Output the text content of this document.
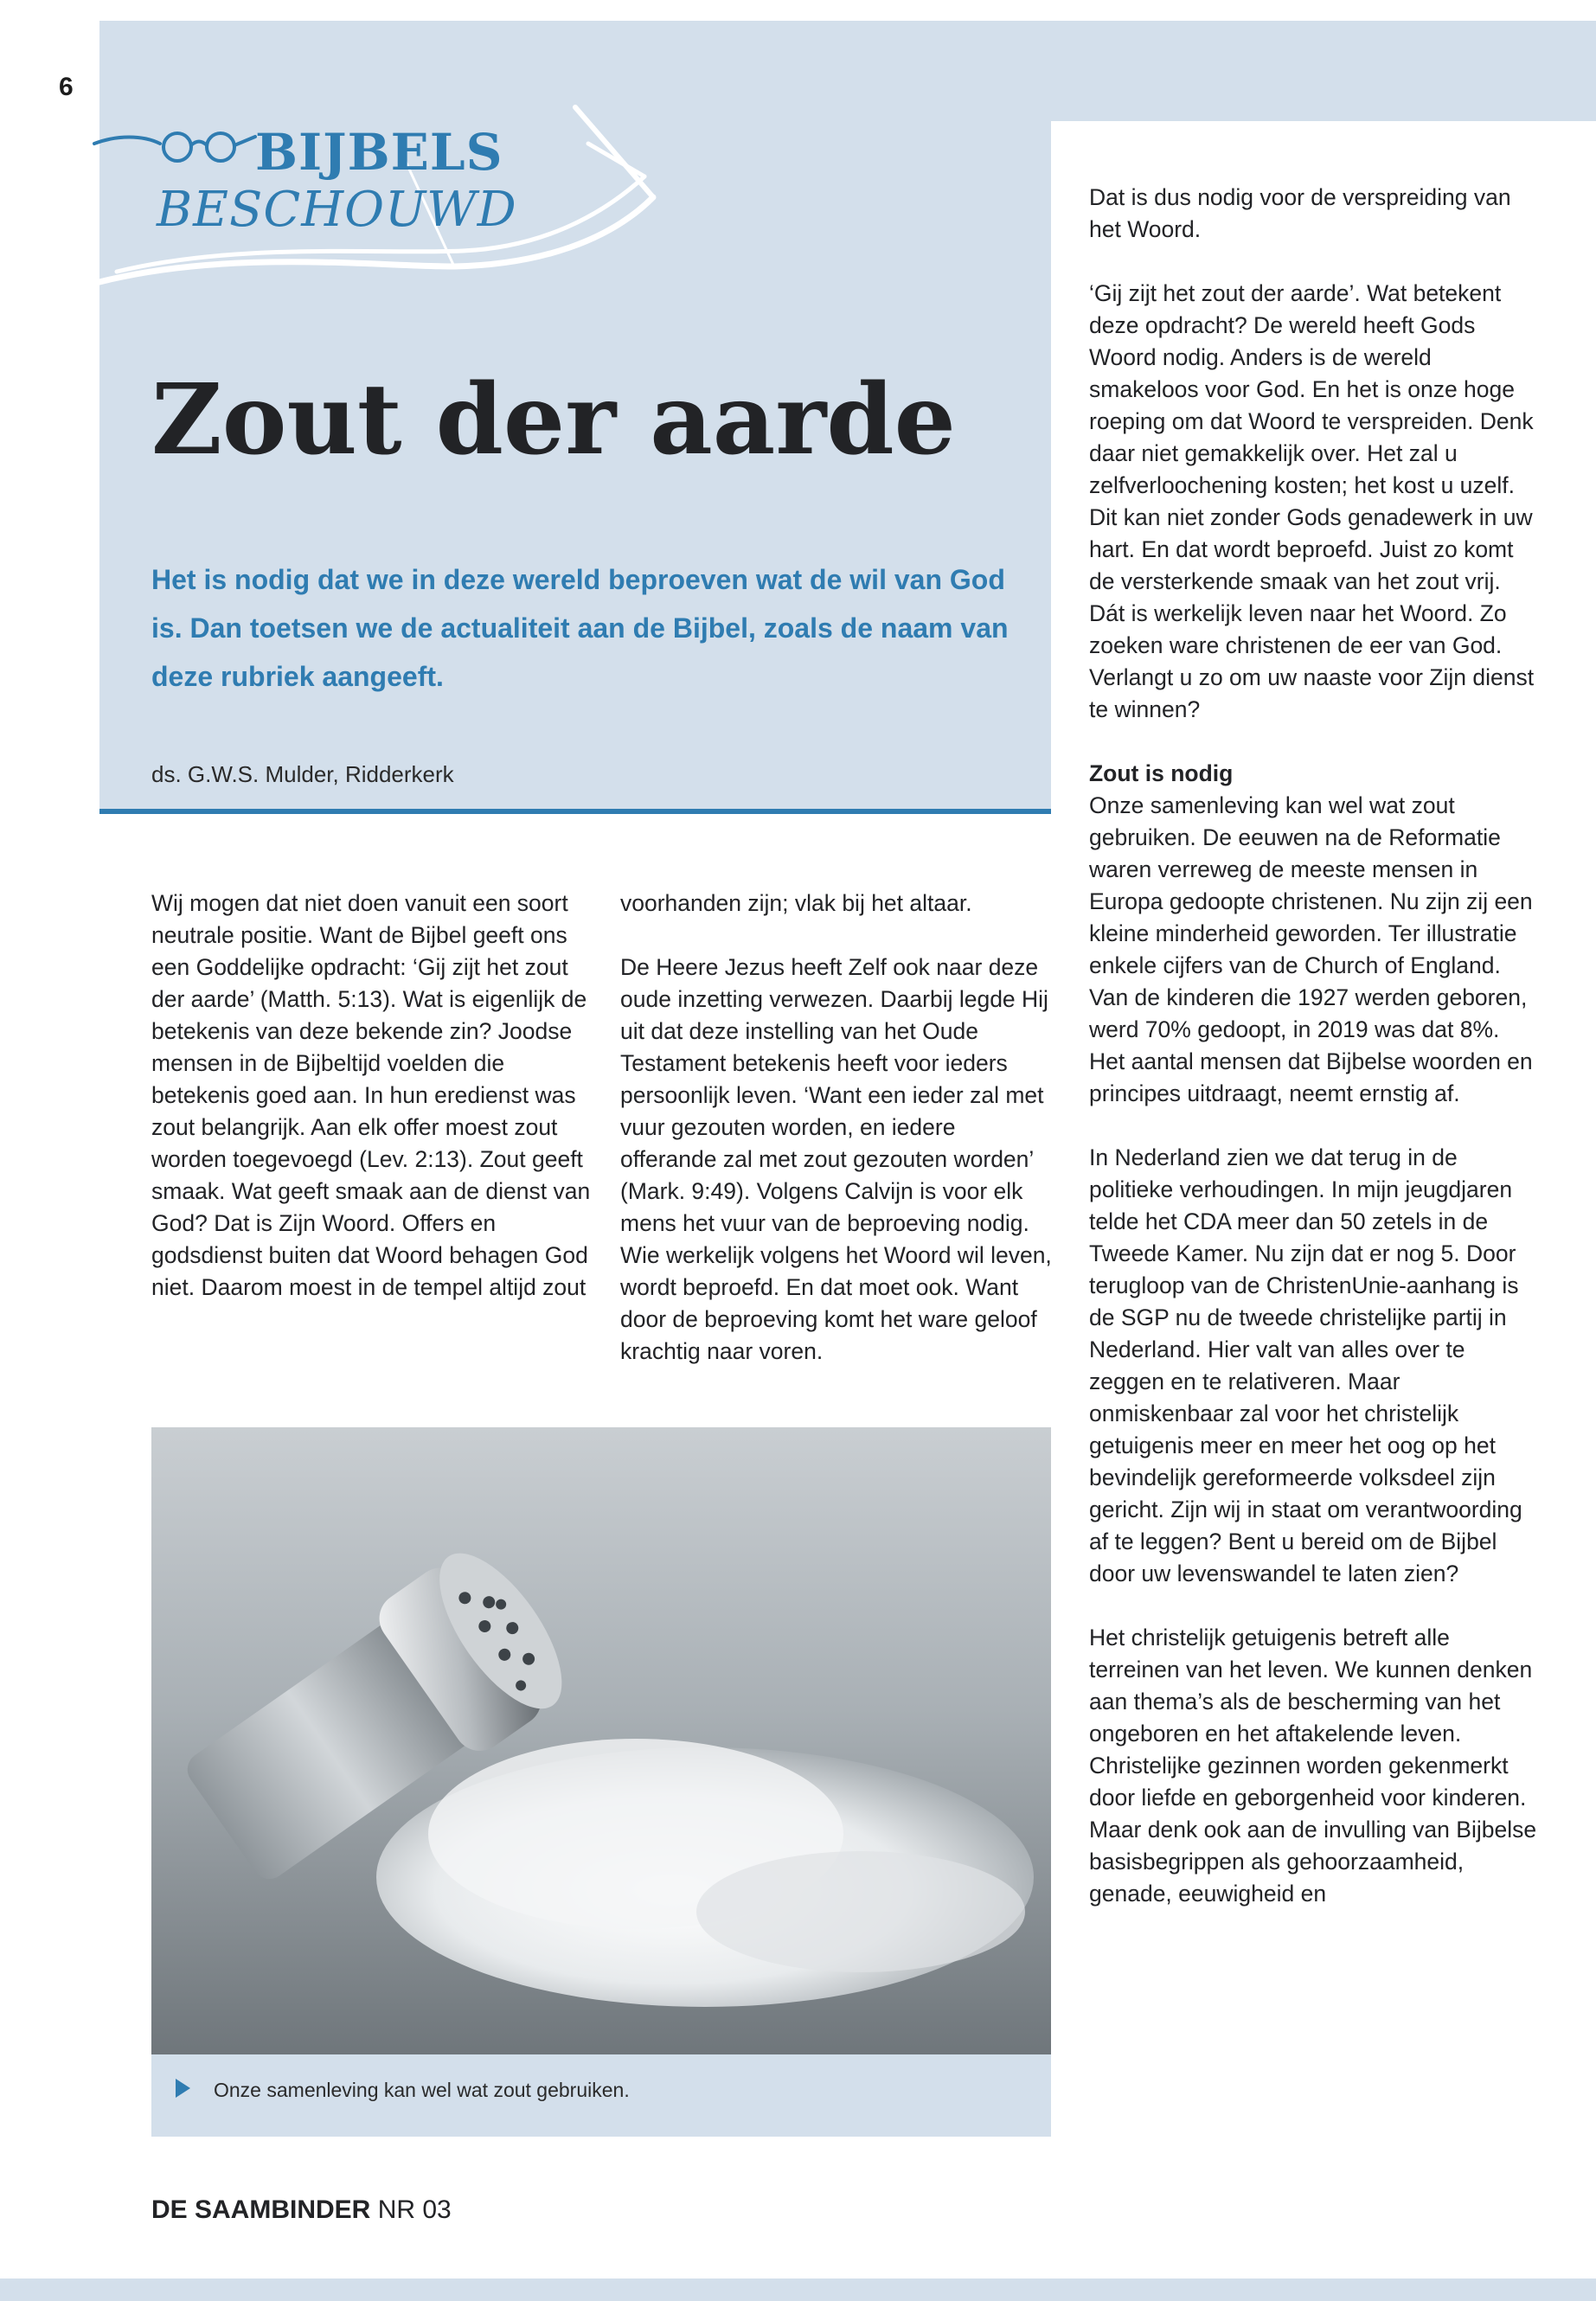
6
BIJBELS
BESCHOUWD
Zout der aarde

Het is nodig dat we in deze wereld beproeven wat de wil van God is. Dan toetsen we de actualiteit aan de Bijbel, zoals de naam van deze rubriek aangeeft.

ds. G.W.S. Mulder, Ridderkerk

Wij mogen dat niet doen vanuit een soort neutrale positie. Want de Bijbel geeft ons een Goddelijke opdracht: ‘Gij zijt het zout der aarde’ (Matth. 5:13). Wat is eigenlijk de betekenis van deze bekende zin? Joodse mensen in de Bijbeltijd voelden die betekenis goed aan. In hun eredienst was zout belangrijk. Aan elk offer moest zout worden toegevoegd (Lev. 2:13). Zout geeft smaak. Wat geeft smaak aan de dienst van God? Dat is Zijn Woord. Offers en godsdienst buiten dat Woord behagen God niet. Daarom moest in de tempel altijd zout

voorhanden zijn; vlak bij het altaar.

De Heere Jezus heeft Zelf ook naar deze oude inzetting verwezen. Daarbij legde Hij uit dat deze instelling van het Oude Testament betekenis heeft voor ieders persoonlijk leven. ‘Want een ieder zal met vuur gezouten worden, en iedere offerande zal met zout gezouten worden’ (Mark. 9:49). Volgens Calvijn is voor elk mens het vuur van de beproeving nodig. Wie werkelijk volgens het Woord wil leven, wordt beproefd. En dat moet ook. Want door de beproeving komt het ware geloof krachtig naar voren.

Dat is dus nodig voor de verspreiding van het Woord.

‘Gij zijt het zout der aarde’. Wat betekent deze opdracht? De wereld heeft Gods Woord nodig. Anders is de wereld smakeloos voor God. En het is onze hoge roeping om dat Woord te verspreiden. Denk daar niet gemakkelijk over. Het zal u zelfverloochening kosten; het kost u uzelf. Dit kan niet zonder Gods genadewerk in uw hart. En dat wordt beproefd. Juist zo komt de versterkende smaak van het zout vrij. Dát is werkelijk leven naar het Woord. Zo zoeken ware christenen de eer van God. Verlangt u zo om uw naaste voor Zijn dienst te winnen?

Zout is nodig

Onze samenleving kan wel wat zout gebruiken. De eeuwen na de Reformatie waren verreweg de meeste mensen in Europa gedoopte christenen. Nu zijn zij een kleine minderheid geworden. Ter illustratie enkele cijfers van de Church of England. Van de kinderen die 1927 werden geboren, werd 70% gedoopt, in 2019 was dat 8%. Het aantal mensen dat Bijbelse woorden en principes uitdraagt, neemt ernstig af.

In Nederland zien we dat terug in de politieke verhoudingen. In mijn jeugdjaren telde het CDA meer dan 50 zetels in de Tweede Kamer. Nu zijn dat er nog 5. Door terugloop van de ChristenUnie-aanhang is de SGP nu de tweede christelijke partij in Nederland. Hier valt van alles over te zeggen en te relativeren. Maar onmiskenbaar zal voor het christelijk getuigenis meer en meer het oog op het bevindelijk gereformeerde volksdeel zijn gericht. Zijn wij in staat om verantwoording af te leggen? Bent u bereid om de Bijbel door uw levenswandel te laten zien?

Het christelijk getuigenis betreft alle terreinen van het leven. We kunnen denken aan thema’s als de bescherming van het ongeboren en het aftakelende leven. Christelijke gezinnen worden gekenmerkt door liefde en geborgenheid voor kinderen. Maar denk ook aan de invulling van Bijbelse basisbegrippen als gehoorzaamheid, genade, eeuwigheid en

Onze samenleving kan wel wat zout gebruiken.
DE SAAMBINDER NR 03
